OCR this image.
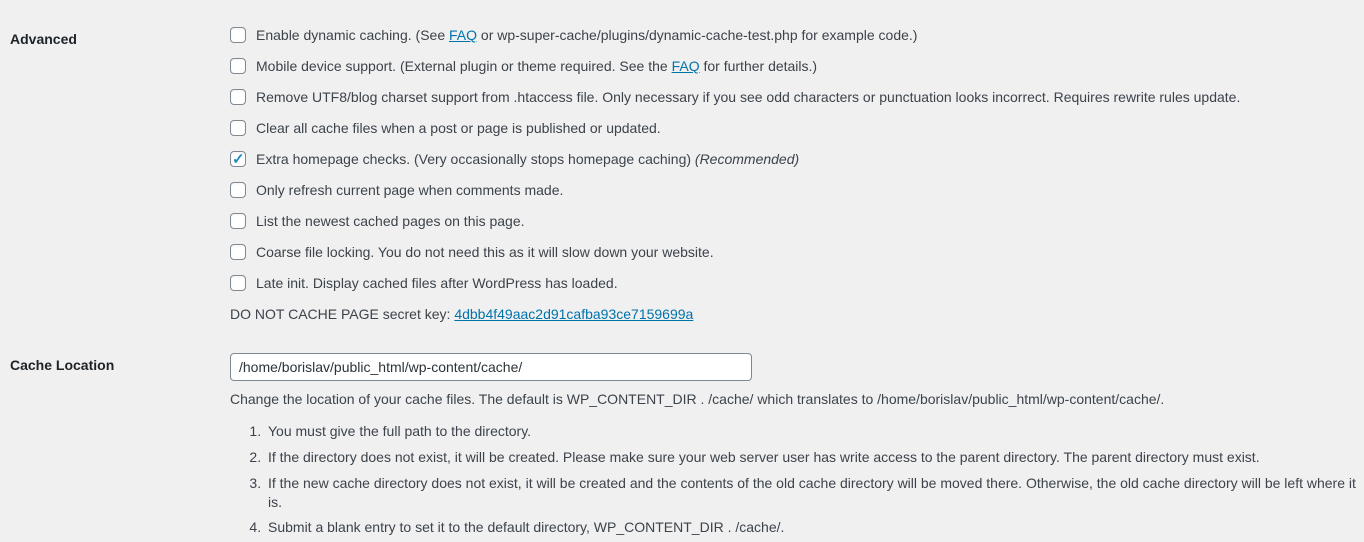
Advanced	Enable dynamic caching. (See FAQ or wp-super-cache/plugins/dynamic-cache-test.php for example code.)
Mobile device support. (External plugin or theme required. See the FAQ for further details.)
Remove UTF8/blog charset support from .htaccess file. Only necessary if you see odd characters or punctuation looks incorrect. Requires rewrite rules update.
Clear all cache files when a post or page is published or updated.
Extra homepage checks. (Very occasionally stops homepage caching) (Recommended)
Only refresh current page when comments made.
List the newest cached pages on this page.
Coarse file locking. You do not need this as it will slow down your website.
Late init. Display cached files after WordPress has loaded.
DO NOT CACHE PAGE secret key: 4dbb4f49aac2d91cafba93ce7159699a
Cache Location
/home/borislav/public_html/wp-content/cache/
Change the location of your cache files. The default is WP_CONTENT_DIR . /cache/ which translates to /home/borislav/public_html/wp-content/cache/.
1. You must give the full path to the directory.
2. If the directory does not exist, it will be created. Please make sure your web server user has write access to the parent directory. The parent directory must exist.
3. If the new cache directory does not exist, it will be created and the contents of the old cache directory will be moved there. Otherwise, the old cache directory will be left where it is.
4. Submit a blank entry to set it to the default directory, WP_CONTENT_DIR . /cache/.
